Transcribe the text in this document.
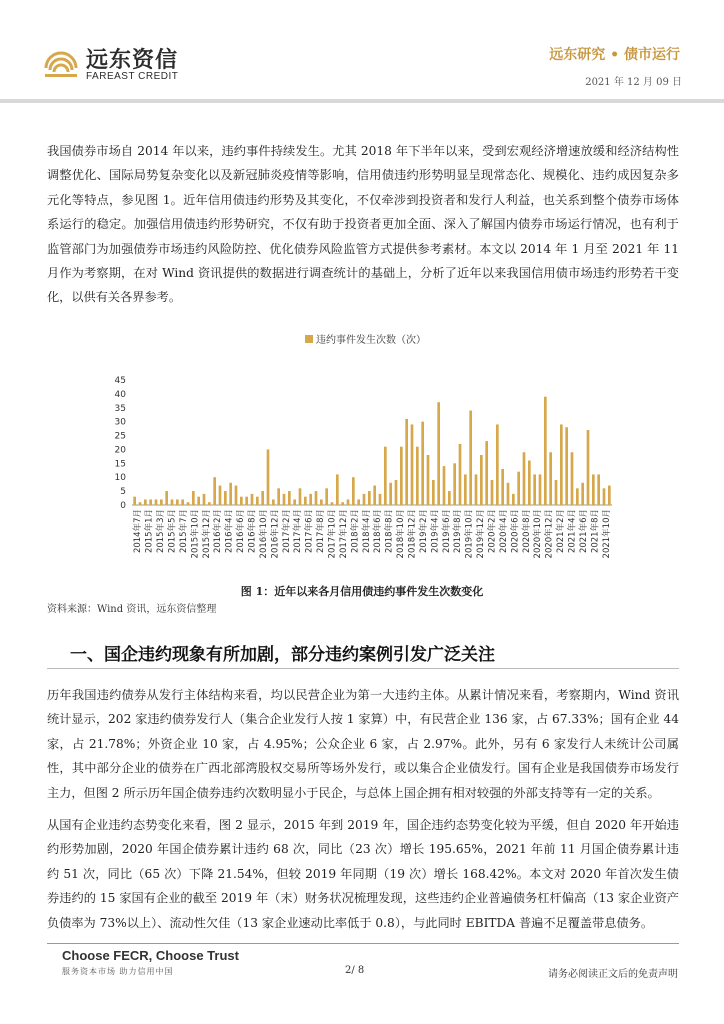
远东资信
FAREAST CREDIT
远东研究 • 债市运行
2021 年 12 月 09 日

我国债券市场自 2014 年以来，违约事件持续发生。尤其 2018 年下半年以来，受到宏观经济增速放缓和经济结构性调整优化、国际局势复杂变化以及新冠肺炎疫情等影响，信用债违约形势明显呈现常态化、规模化、违约成因复杂多元化等特点，参见图 1。近年信用债违约形势及其变化，不仅牵涉到投资者和发行人利益，也关系到整个债券市场体系运行的稳定。加强信用债违约形势研究，不仅有助于投资者更加全面、深入了解国内债券市场运行情况，也有利于监管部门为加强债券市场违约风险防控、优化债券风险监管方式提供参考素材。本文以 2014 年 1 月至 2021 年 11 月作为考察期，在对 Wind 资讯提供的数据进行调查统计的基础上，分析了近年以来我国信用债市场违约形势若干变化，以供有关各界参考。

违约事件发生次数（次）
0
5
10
15
20
25
30
35
40
45
2014年7月 2015年1月 2015年3月 2015年5月 2015年7月 2015年10月 2015年12月 2016年2月 2016年4月 2016年6月 2016年8月 2016年10月 2016年12月 2017年2月 2017年4月 2017年6月 2017年8月 2017年10月 2017年12月 2018年2月 2018年4月 2018年6月 2018年8月 2018年10月 2018年12月 2019年2月 2019年4月 2019年6月 2019年8月 2019年10月 2019年12月 2020年2月 2020年4月 2020年6月 2020年8月 2020年10月 2020年12月 2021年2月 2021年4月 2021年6月 2021年8月 2021年10月
图 1：近年以来各月信用债违约事件发生次数变化
资料来源：Wind 资讯，远东资信整理
一、国企违约现象有所加剧，部分违约案例引发广泛关注

历年我国违约债券从发行主体结构来看，均以民营企业为第一大违约主体。从累计情况来看，考察期内，Wind 资讯统计显示，202 家违约债券发行人（集合企业发行人按 1 家算）中，有民营企业 136 家，占 67.33%；国有企业 44 家，占 21.78%；外资企业 10 家，占 4.95%；公众企业 6 家，占 2.97%。此外，另有 6 家发行人未统计公司属性，其中部分企业的债券在广西北部湾股权交易所等场外发行，或以集合企业债发行。国有企业是我国债券市场发行主力，但图 2 所示历年国企债券违约次数明显小于民企，与总体上国企拥有相对较强的外部支持等有一定的关系。

从国有企业违约态势变化来看，图 2 显示，2015 年到 2019 年，国企违约态势变化较为平缓，但自 2020 年开始违约形势加剧，2020 年国企债券累计违约 68 次，同比（23 次）增长 195.65%，2021 年前 11 月国企债券累计违约 51 次，同比（65 次）下降 21.54%，但较 2019 年同期（19 次）增长 168.42%。本文对 2020 年首次发生债券违约的 15 家国有企业的截至 2019 年（末）财务状况梳理发现，这些违约企业普遍债务杠杆偏高（13 家企业资产负债率为 73%以上）、流动性欠佳（13 家企业速动比率低于 0.8），与此同时 EBITDA 普遍不足覆盖带息债务。

Choose FECR, Choose Trust
服务资本市场 助力信用中国	2/ 8	请务必阅读正文后的免责声明
